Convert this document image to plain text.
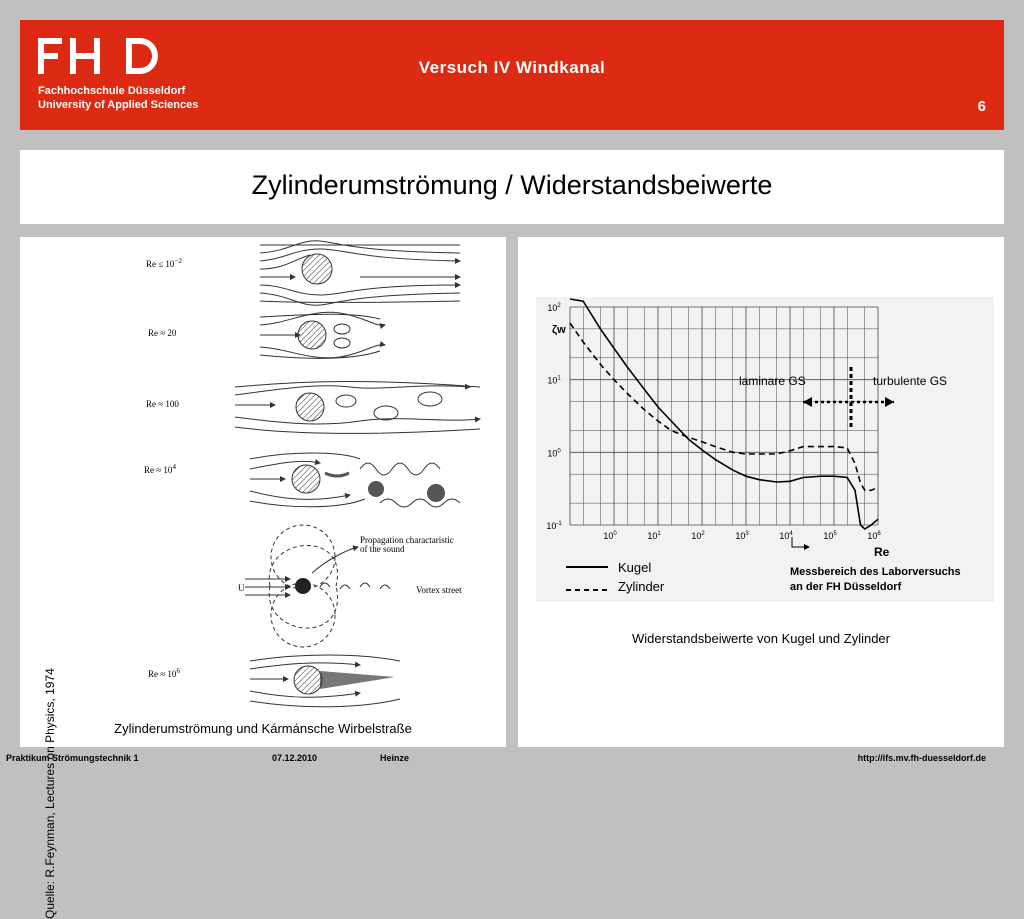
Fachhochschule Düsseldorf
University of Applied Sciences
Versuch IV Windkanal
6
Zylinderumströmung / Widerstandsbeiwerte
$Re \le 10^{-2}$
Re ≈ 20
Re ≈ 100
$Re \approx 10^4$
$Re \approx 10^6$
U
Propagation charactaristic
of the sound
Vortex street
Quelle: R.Feynman, Lectures on Physics, 1974	Zylinderumströmung und Kármánsche Wirbelstraße
$10^0$	$10^1$	$10^2$	$10^3$	$10^4$	$10^5$	$10^6$
$10^{-1}$
$10^0$
$10^1$
$10^2$
laminare GS	turbulente GS
ζw
Re
Kugel
Zylinder
Messbereich des Laborversuchs
an der FH Düsseldorf
Widerstandsbeiwerte von Kugel und Zylinder
Praktikum Strömungstechnik 1	07.12.2010	Heinze	http://ifs.mv.fh-duesseldorf.de
